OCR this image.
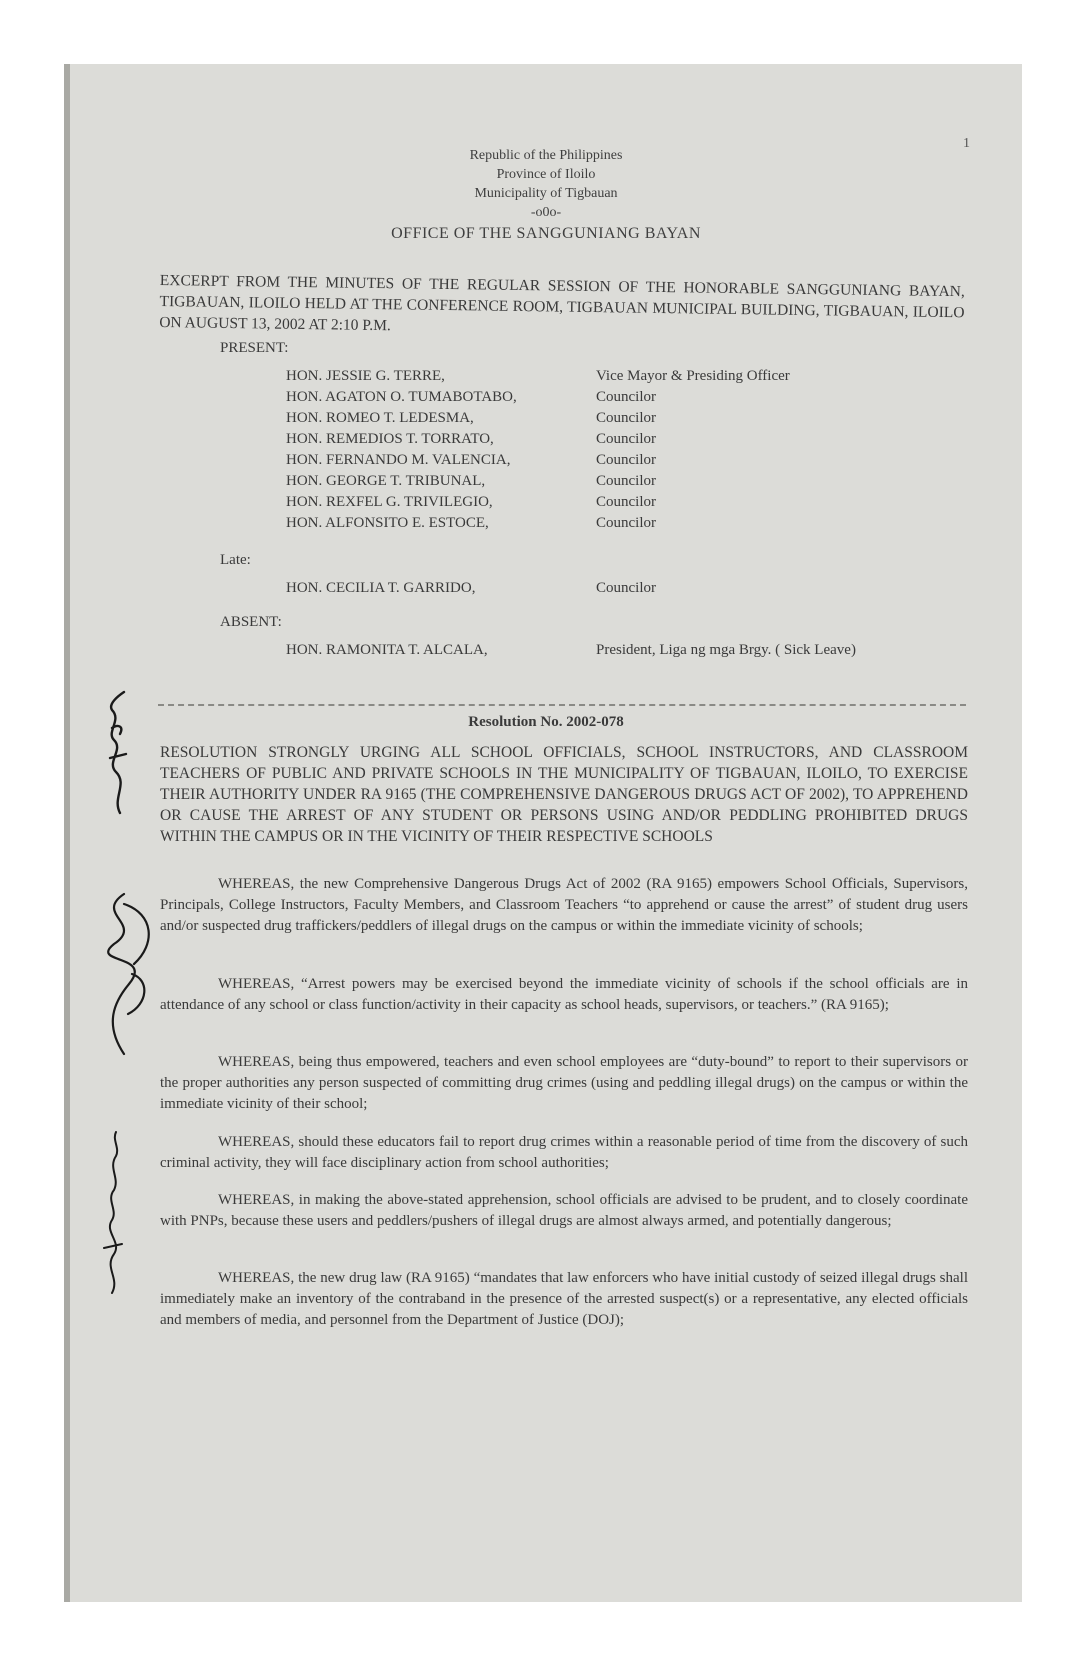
1
Republic of the Philippines
Province of Iloilo
Municipality of Tigbauan
-o0o-
OFFICE OF THE SANGGUNIANG BAYAN
EXCERPT FROM THE MINUTES OF THE REGULAR SESSION OF THE HONORABLE SANGGUNIANG BAYAN, TIGBAUAN, ILOILO HELD AT THE CONFERENCE ROOM, TIGBAUAN MUNICIPAL BUILDING, TIGBAUAN, ILOILO ON AUGUST 13, 2002 AT 2:10 P.M.
PRESENT:
HON. JESSIE G. TERRE,	Vice Mayor & Presiding Officer
HON. AGATON O. TUMABOTABO,	Councilor
HON. ROMEO T. LEDESMA,	Councilor
HON. REMEDIOS T. TORRATO,	Councilor
HON. FERNANDO M. VALENCIA,	Councilor
HON. GEORGE T. TRIBUNAL,	Councilor
HON. REXFEL G. TRIVILEGIO,	Councilor
HON. ALFONSITO E. ESTOCE,	Councilor
Late:
HON. CECILIA T. GARRIDO,	Councilor
ABSENT:
HON. RAMONITA T. ALCALA,	President, Liga ng mga Brgy. ( Sick Leave)
Resolution No. 2002-078
RESOLUTION STRONGLY URGING ALL SCHOOL OFFICIALS, SCHOOL INSTRUCTORS, AND CLASSROOM TEACHERS OF PUBLIC AND PRIVATE SCHOOLS IN THE MUNICIPALITY OF TIGBAUAN, ILOILO, TO EXERCISE THEIR AUTHORITY UNDER RA 9165 (THE COMPREHENSIVE DANGEROUS DRUGS ACT OF 2002), TO APPREHEND OR CAUSE THE ARREST OF ANY STUDENT OR PERSONS USING AND/OR PEDDLING PROHIBITED DRUGS WITHIN THE CAMPUS OR IN THE VICINITY OF THEIR RESPECTIVE SCHOOLS
WHEREAS, the new Comprehensive Dangerous Drugs Act of 2002 (RA 9165) empowers School Officials, Supervisors, Principals, College Instructors, Faculty Members, and Classroom Teachers “to apprehend or cause the arrest” of student drug users and/or suspected drug traffickers/peddlers of illegal drugs on the campus or within the immediate vicinity of schools;
WHEREAS, “Arrest powers may be exercised beyond the immediate vicinity of schools if the school officials are in attendance of any school or class function/activity in their capacity as school heads, supervisors, or teachers.” (RA 9165);
WHEREAS, being thus empowered, teachers and even school employees are “duty-bound” to report to their supervisors or the proper authorities any person suspected of committing drug crimes (using and peddling illegal drugs) on the campus or within the immediate vicinity of their school;
WHEREAS, should these educators fail to report drug crimes within a reasonable period of time from the discovery of such criminal activity, they will face disciplinary action from school authorities;
WHEREAS, in making the above-stated apprehension, school officials are advised to be prudent, and to closely coordinate with PNPs, because these users and peddlers/pushers of illegal drugs are almost always armed, and potentially dangerous;
WHEREAS, the new drug law (RA 9165) “mandates that law enforcers who have initial custody of seized illegal drugs shall immediately make an inventory of the contraband in the presence of the arrested suspect(s) or a representative, any elected officials and members of media, and personnel from the Department of Justice (DOJ);
